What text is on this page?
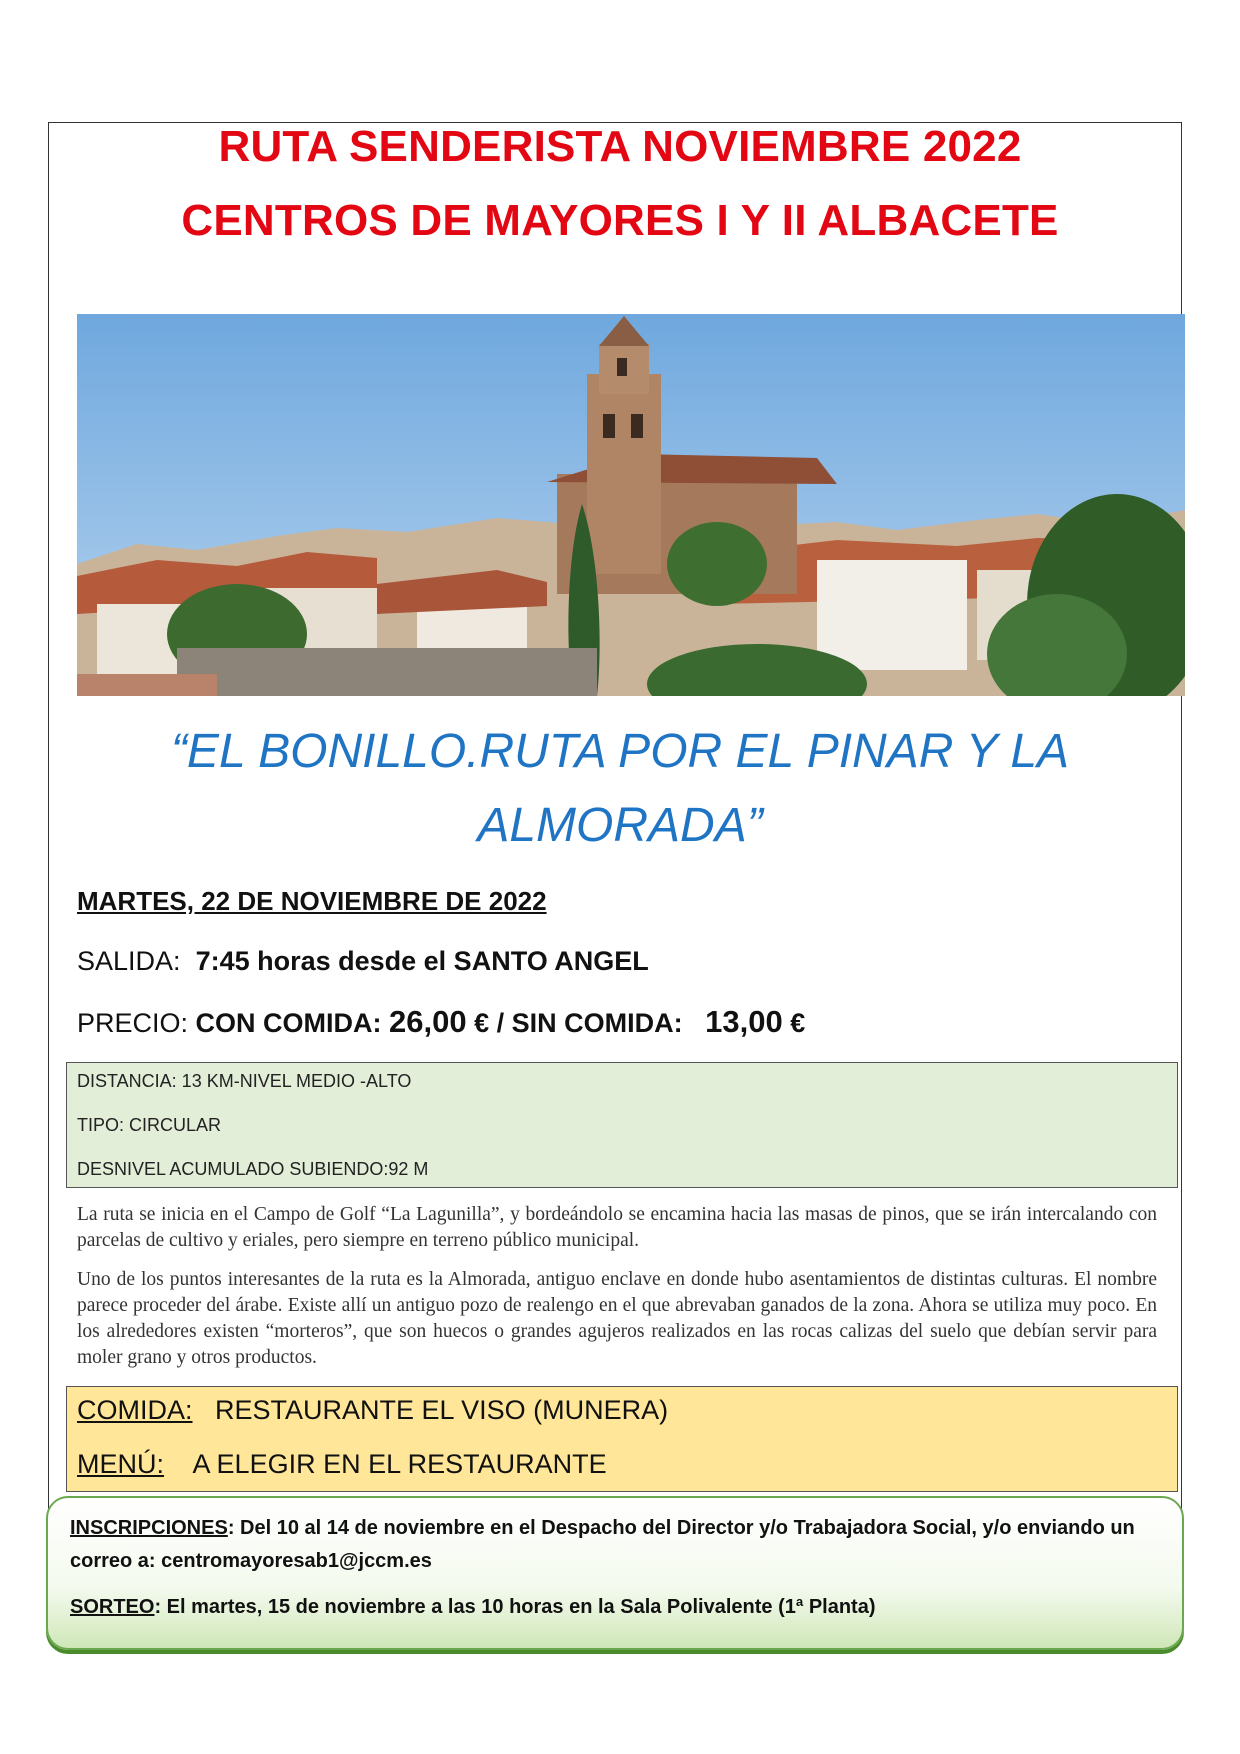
RUTA SENDERISTA NOVIEMBRE 2022
CENTROS DE MAYORES I Y II ALBACETE
“EL BONILLO.RUTA POR EL PINAR Y LA
ALMORADA”
MARTES, 22 DE NOVIEMBRE DE 2022
SALIDA: 7:45 horas desde el SANTO ANGEL
PRECIO: CON COMIDA: 26,00 € / SIN COMIDA: 13,00 €
DISTANCIA: 13 KM-NIVEL MEDIO -ALTO
TIPO: CIRCULAR
DESNIVEL ACUMULADO SUBIENDO:92 M

La ruta se inicia en el Campo de Golf “La Lagunilla”, y bordeándolo se encamina hacia las masas de pinos, que se irán intercalando con parcelas de cultivo y eriales, pero siempre en terreno público municipal.

Uno de los puntos interesantes de la ruta es la Almorada, antiguo enclave en donde hubo asentamientos de distintas culturas. El nombre parece proceder del árabe. Existe allí un antiguo pozo de realengo en el que abrevaban ganados de la zona. Ahora se utiliza muy poco. En los alrededores existen “morteros”, que son huecos o grandes agujeros realizados en las rocas calizas del suelo que debían servir para moler grano y otros productos.

COMIDA: RESTAURANTE EL VISO (MUNERA)
MENÚ: A ELEGIR EN EL RESTAURANTE
INSCRIPCIONES: Del 10 al 14 de noviembre en el Despacho del Director y/o Trabajadora Social, y/o enviando un correo a: centromayoresab1@jccm.es
SORTEO: El martes, 15 de noviembre a las 10 horas en la Sala Polivalente (1ª Planta)
